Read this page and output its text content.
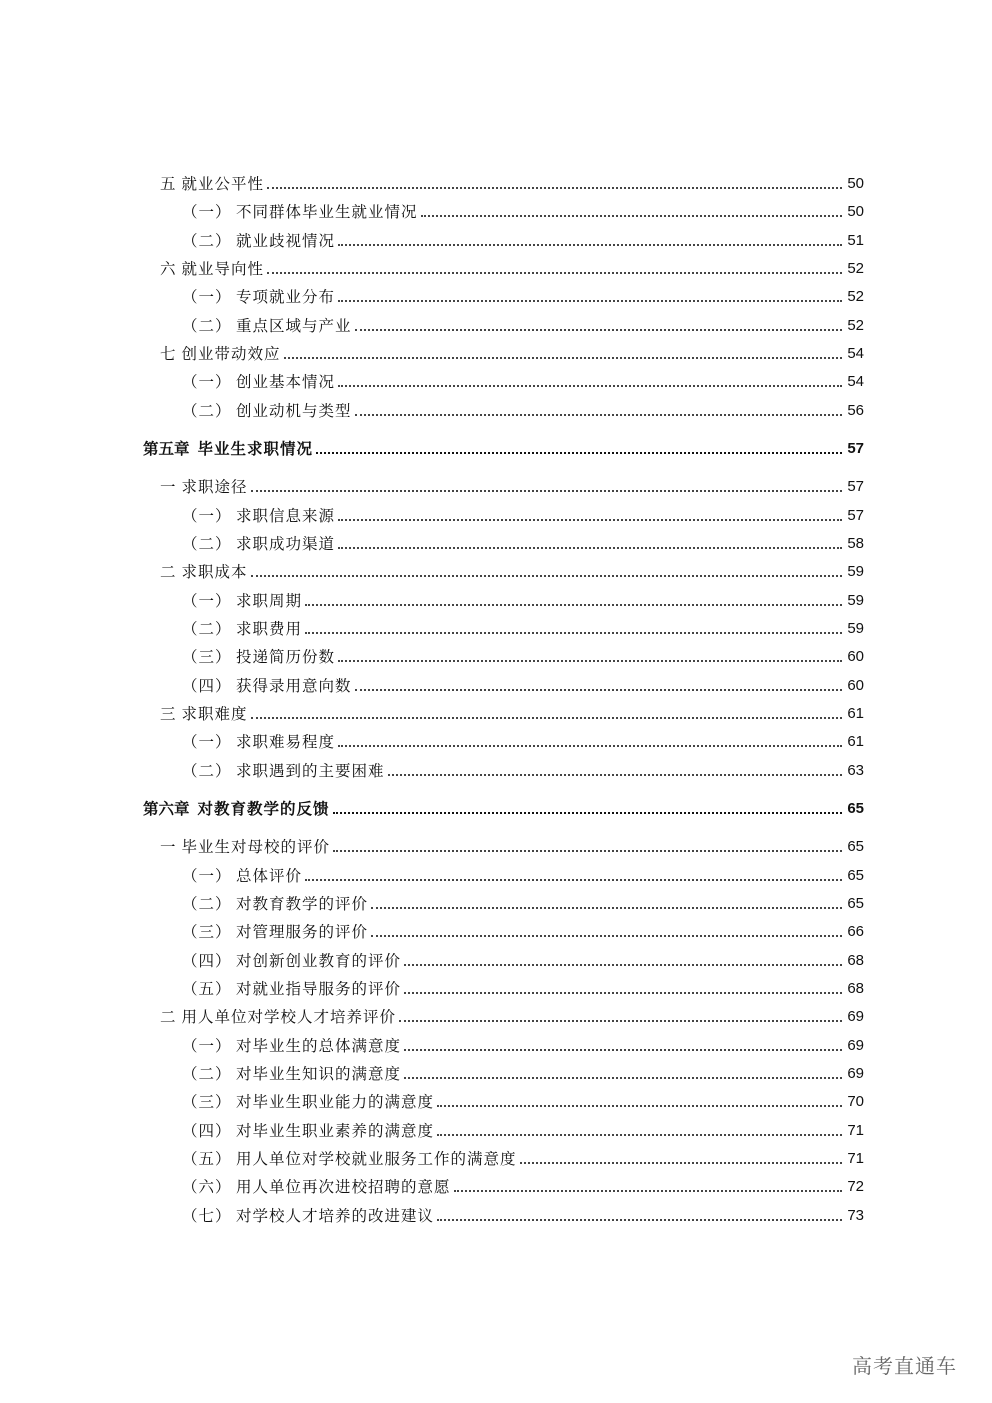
五 就业公平性	50
（一） 不同群体毕业生就业情况	50
（二） 就业歧视情况	51
六 就业导向性	52
（一） 专项就业分布	52
（二） 重点区域与产业	52
七 创业带动效应	54
（一） 创业基本情况	54
（二） 创业动机与类型	56
第五章 毕业生求职情况	57
一 求职途径	57
（一） 求职信息来源	57
（二） 求职成功渠道	58
二 求职成本	59
（一） 求职周期	59
（二） 求职费用	59
（三） 投递简历份数	60
（四） 获得录用意向数	60
三 求职难度	61
（一） 求职难易程度	61
（二） 求职遇到的主要困难	63
第六章 对教育教学的反馈	65
一 毕业生对母校的评价	65
（一） 总体评价	65
（二） 对教育教学的评价	65
（三） 对管理服务的评价	66
（四） 对创新创业教育的评价	68
（五） 对就业指导服务的评价	68
二 用人单位对学校人才培养评价	69
（一） 对毕业生的总体满意度	69
（二） 对毕业生知识的满意度	69
（三） 对毕业生职业能力的满意度	70
（四） 对毕业生职业素养的满意度	71
（五） 用人单位对学校就业服务工作的满意度	71
（六） 用人单位再次进校招聘的意愿	72
（七） 对学校人才培养的改进建议	73
高考直通车
